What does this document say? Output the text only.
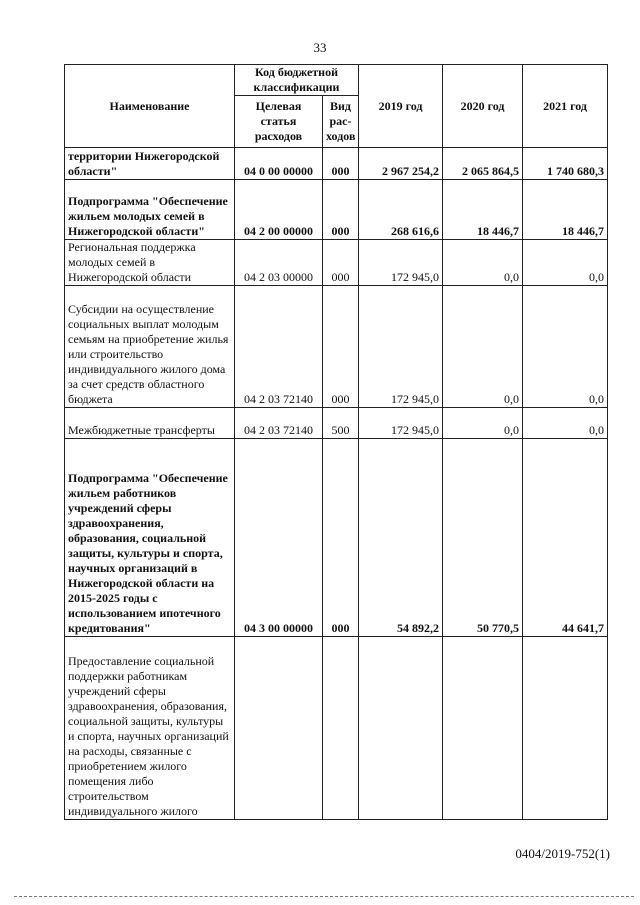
33
Наименование	Код бюджетной классификации		2019 год	2020 год	2021 год
	Целевая статья расходов	Вид рас-ходов			
территории Нижегородской области"	04 0 00 00000	000	2 967 254,2	2 065 864,5	1 740 680,3
Подпрограмма "Обеспечение жильем молодых семей в Нижегородской области"	04 2 00 00000	000	268 616,6	18 446,7	18 446,7
Региональная поддержка молодых семей в Нижегородской области	04 2 03 00000	000	172 945,0	0,0	0,0
Субсидии на осуществление социальных выплат молодым семьям на приобретение жилья или строительство индивидуального жилого дома за счет средств областного бюджета	04 2 03 72140	000	172 945,0	0,0	0,0
Межбюджетные трансферты	04 2 03 72140	500	172 945,0	0,0	0,0
Подпрограмма "Обеспечение жильем работников учреждений сферы здравоохранения, образования, социальной защиты, культуры и спорта, научных организаций в Нижегородской области на 2015-2025 годы с использованием ипотечного кредитования"	04 3 00 00000	000	54 892,2	50 770,5	44 641,7
Предоставление социальной поддержки работникам учреждений сферы здравоохранения, образования, социальной защиты, культуры и спорта, научных организаций на расходы, связанные с приобретением жилого помещения либо строительством индивидуального жилого					
0404/2019-752(1)
